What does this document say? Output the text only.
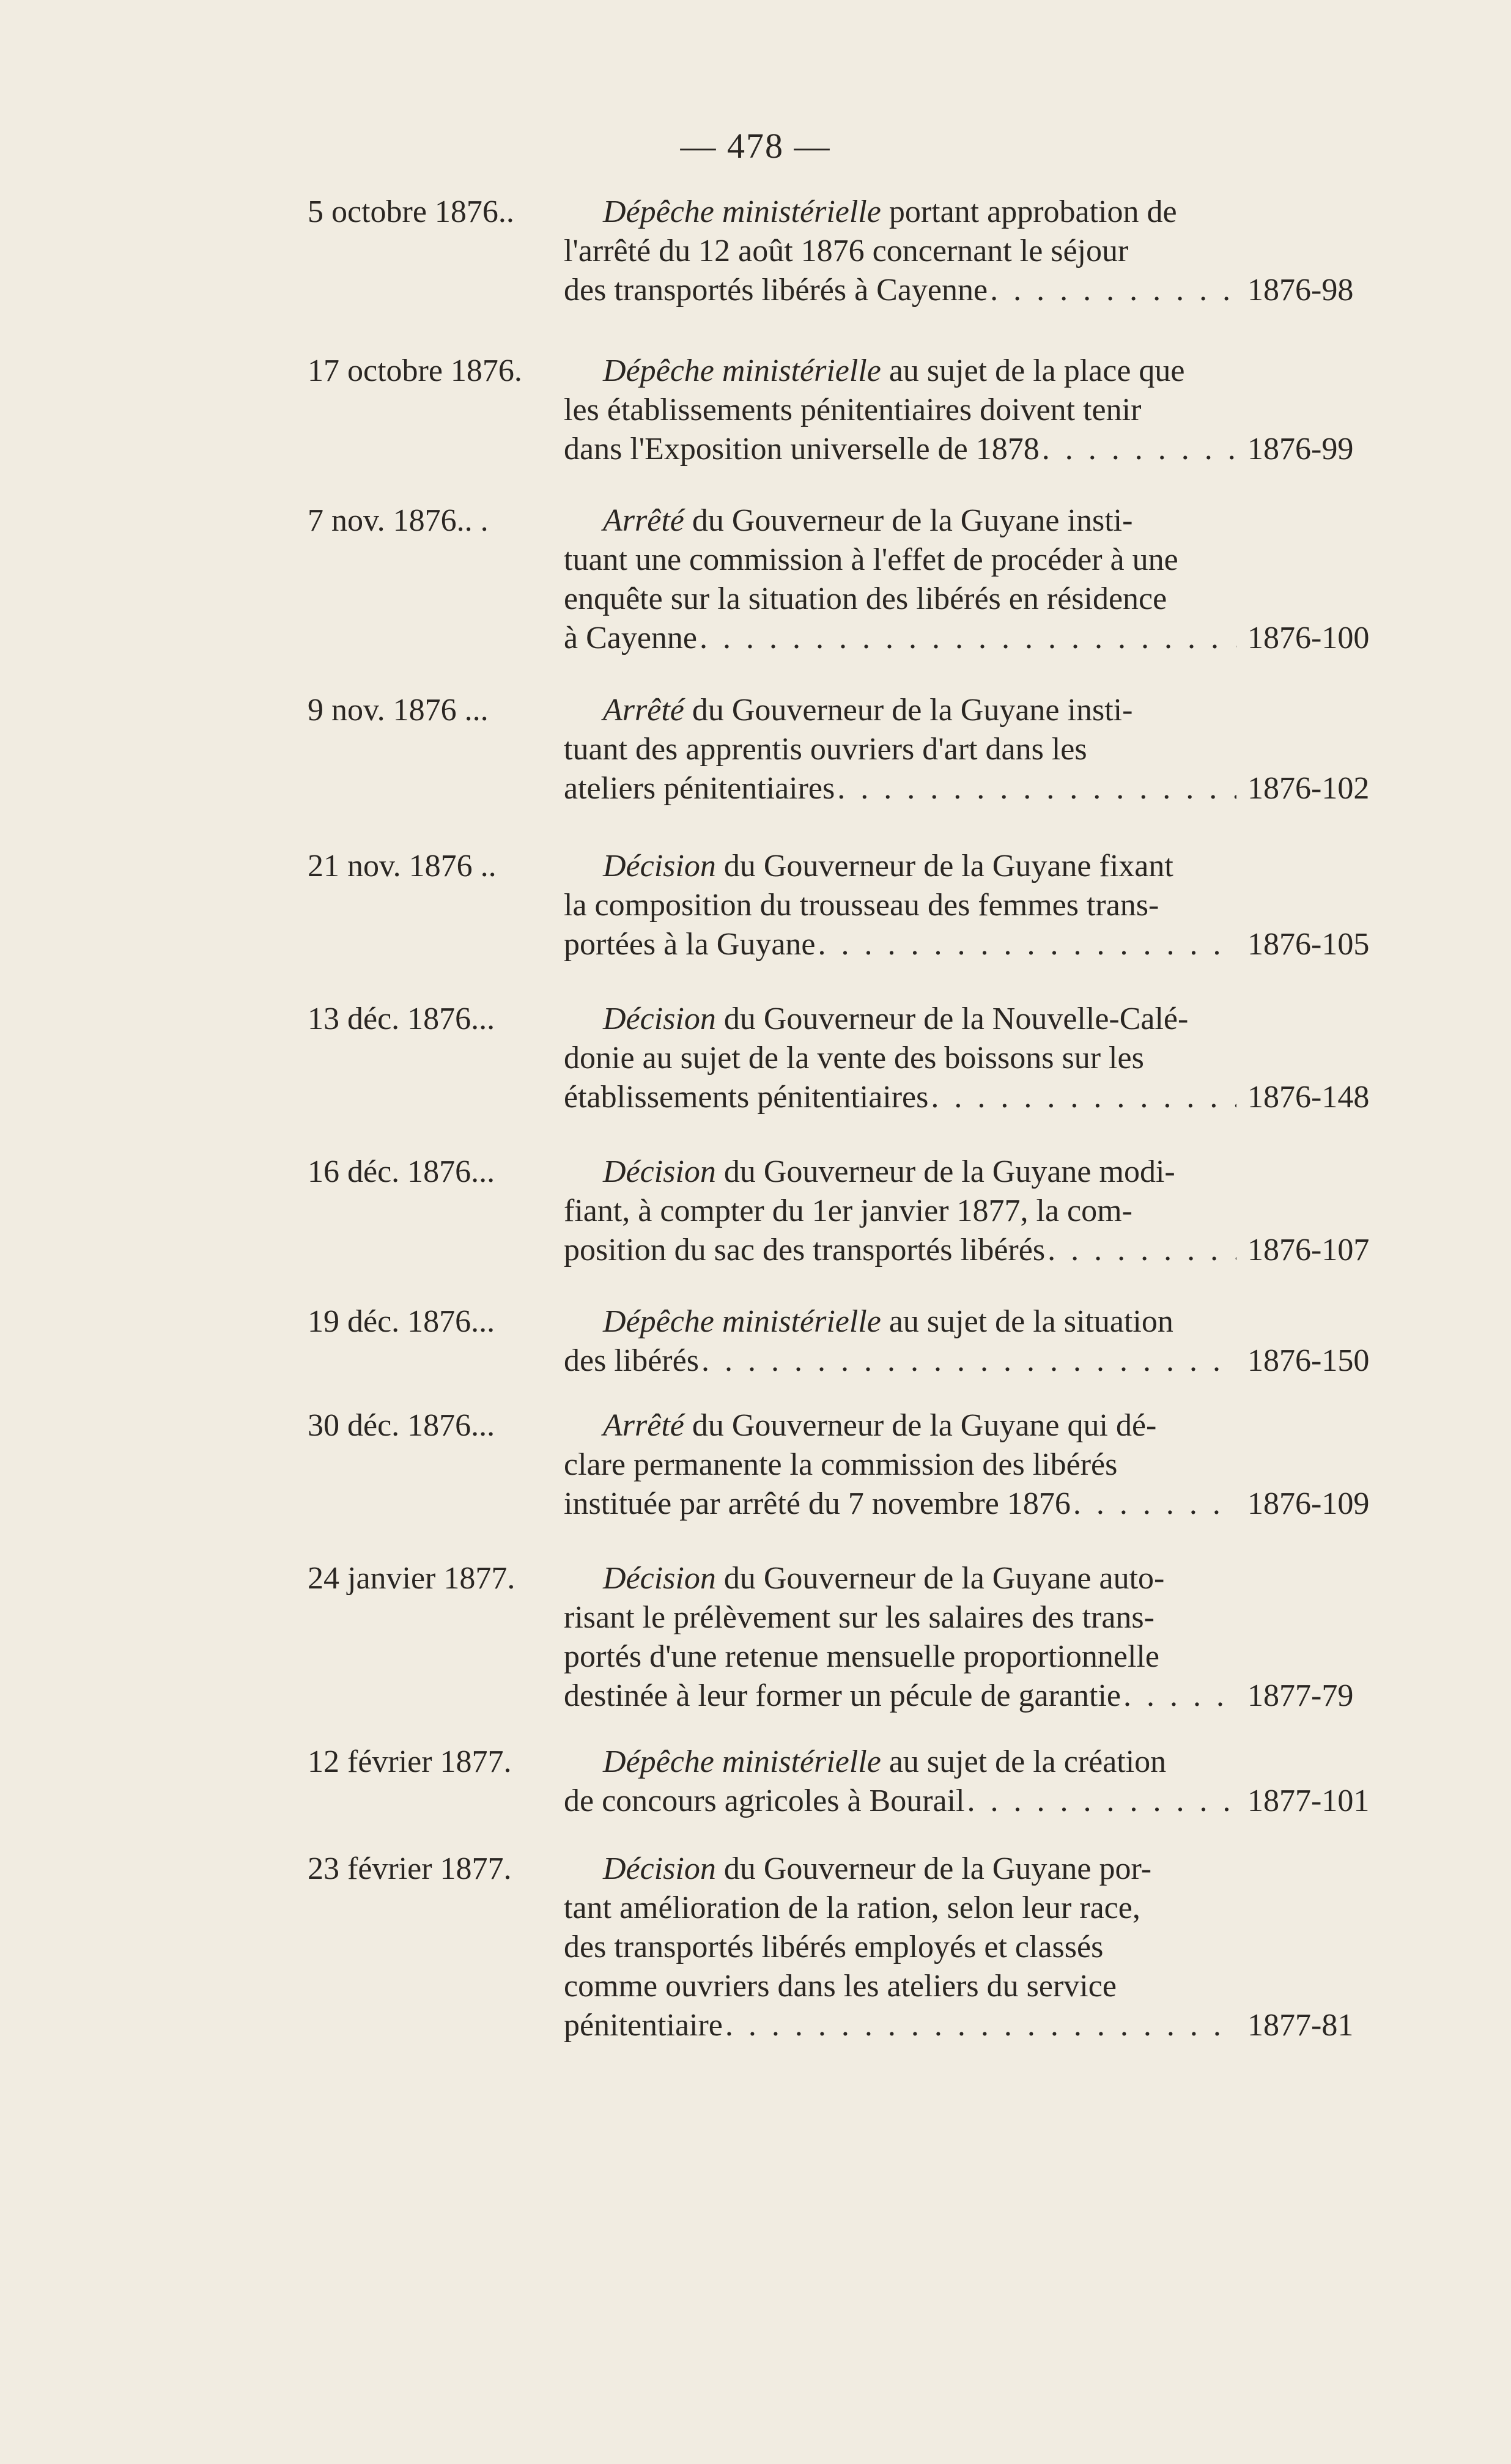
— 478 —
5 octobre 1876..	Dépêche ministérielle portant approbation de
l'arrêté du 12 août 1876 concernant le séjour
des transportés libérés à Cayenne . . .	1876-98
17 octobre 1876.	Dépêche ministérielle au sujet de la place que
les établissements pénitentiaires doivent tenir
dans l'Exposition universelle de 1878 . . .	1876-99
7 nov. 1876.. .	Arrêté du Gouverneur de la Guyane insti-
tuant une commission à l'effet de procéder à une
enquête sur la situation des libérés en résidence
à Cayenne . . .	1876-100
9 nov. 1876 ...	Arrêté du Gouverneur de la Guyane insti-
tuant des apprentis ouvriers d'art dans les
ateliers pénitentiaires . . .	1876-102
21 nov. 1876 ..	Décision du Gouverneur de la Guyane fixant
la composition du trousseau des femmes trans-
portées à la Guyane . . .	1876-105
13 déc. 1876...	Décision du Gouverneur de la Nouvelle-Calé-
donie au sujet de la vente des boissons sur les
établissements pénitentiaires . . .	1876-148
16 déc. 1876...	Décision du Gouverneur de la Guyane modi-
fiant, à compter du 1er janvier 1877, la com-
position du sac des transportés libérés . . .	1876-107
19 déc. 1876...	Dépêche ministérielle au sujet de la situation
des libérés . . .	1876-150
30 déc. 1876...	Arrêté du Gouverneur de la Guyane qui dé-
clare permanente la commission des libérés
instituée par arrêté du 7 novembre 1876 . . .	1876-109
24 janvier 1877.	Décision du Gouverneur de la Guyane auto-
risant le prélèvement sur les salaires des trans-
portés d'une retenue mensuelle proportionnelle
destinée à leur former un pécule de garantie . . .	1877-79
12 février 1877.	Dépêche ministérielle au sujet de la création
de concours agricoles à Bourail . . .	1877-101
23 février 1877.	Décision du Gouverneur de la Guyane por-
tant amélioration de la ration, selon leur race,
des transportés libérés employés et classés
comme ouvriers dans les ateliers du service
pénitentiaire . . .	1877-81
